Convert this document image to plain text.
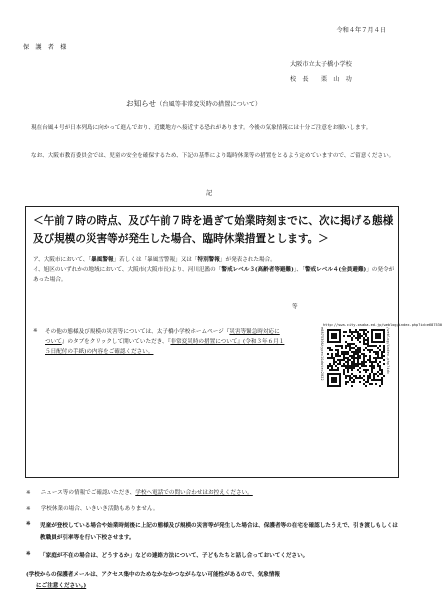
令和４年７月４日
保　護　者　様
大阪市立太子橋小学校
校　長　　栗　山　功
お知らせ（台風等非常変災時の措置について）
現在台風４号が日本列島に向かって進んでおり、近畿地方へ接近する恐れがあります。今後の気象情報には十分ご注意をお願いします。
なお、大阪市教育委員会では、児童の安全を確保するため、下記の基準により臨時休業等の措置をとるよう定めていますので、ご留意ください。
記
＜午前７時の時点、及び午前７時を過ぎて始業時刻までに、次に掲げる態様及び規模の災害等が発生した場合、臨時休業措置とします。＞
ア、大阪市において、「暴風警報」若しくは「暴風雪警報」又は「特別警報」が発表された場合。
イ、旭区のいずれかの地域において、大阪市(大阪市長)より、河川氾濫の「警戒レベル３(高齢者等避難)」、「警戒レベル４(全員避難)」の発令があった場合。
等
※ その他の態様及び規模の災害等については、太子橋小学校ホームページ『災害等緊急時対応について』のタブをクリックして開いていただき、『非常変災時の措置について』(令和３年６月１５日配付の手紙)の内容をご確認ください。
http://swa.city-osaka.ed.jp/weblog/index.php?id=e687530
e687530&type=1&date=2022	/weblog/index.php?id=
※ ニュース等の情報でご確認いただき、学校へ電話での問い合わせはお控えください。
※ 学校休業の場合、いきいき活動もありません。
※ 児童が登校している場合や始業時刻後に上記の態様及び規模の災害等が発生した場合は、保護者等の在宅を確認したうえで、引き渡しもしくは教職員が引率等を行い下校させます。
※ 「家庭が不在の場合は、どうするか」などの連絡方法について、子どもたちと話し合っておいてください。
(学校からの保護者メールは、アクセス集中のためなかなかつながらない可能性があるので、気象情報
にご注意ください。)
